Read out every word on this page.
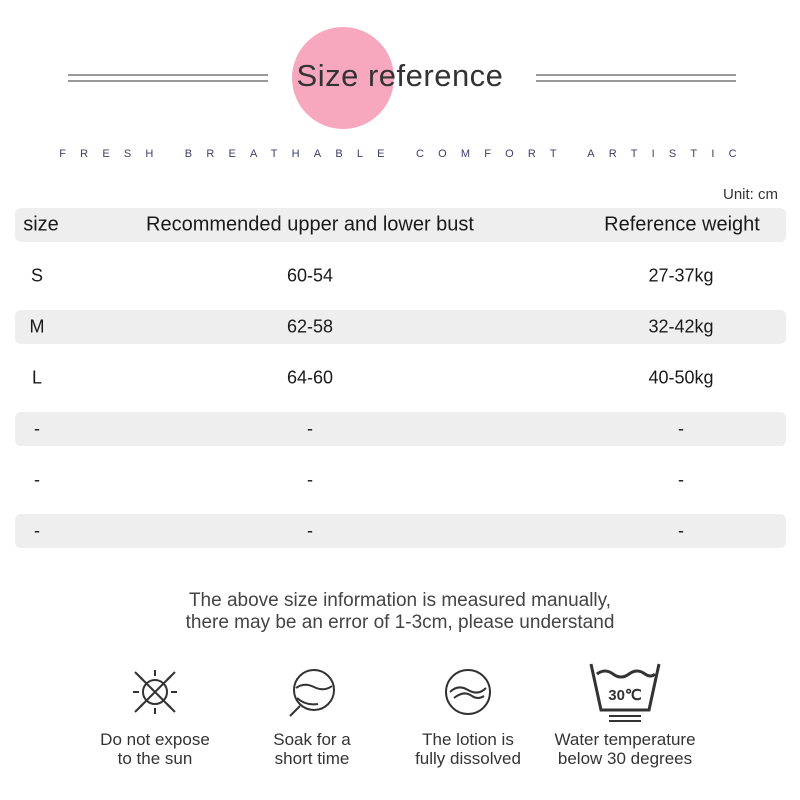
Size reference
FRESH BREATHABLE COMFORT ARTISTIC
Unit: cm
size	Recommended upper and lower bust	Reference weight
S	60-54	27-37kg
M	62-58	32-42kg
L	64-60	40-50kg
-	-	-
-	-	-
-	-	-
The above size information is measured manually,
there may be an error of 1-3cm, please understand
Do not expose
to the sun
Soak for a
short time
The lotion is
fully dissolved
30℃
Water temperature
below 30 degrees
